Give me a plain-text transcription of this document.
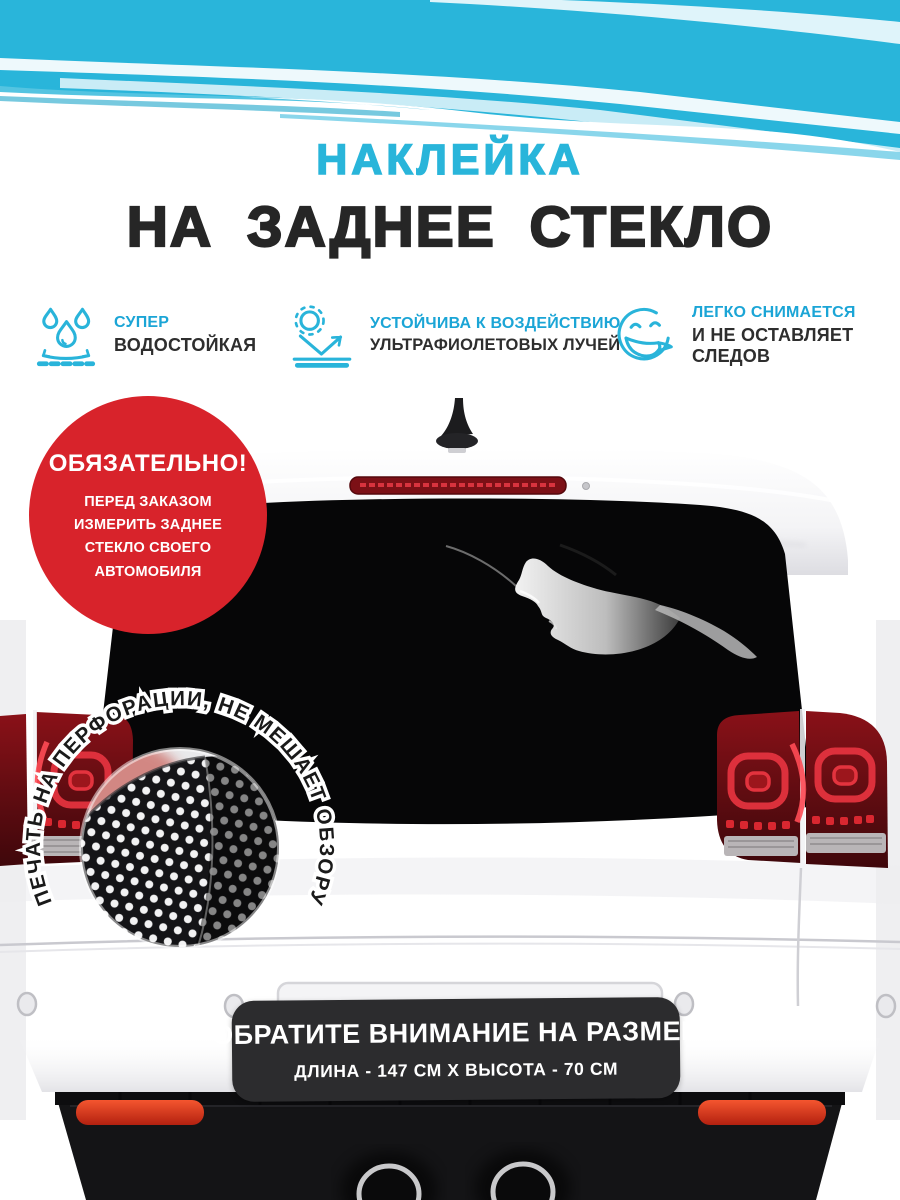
НАКЛЕЙКА
НА ЗАДНЕЕ СТЕКЛО
СУПЕР
ВОДОСТОЙКАЯ
УСТОЙЧИВА К ВОЗДЕЙСТВИЮ
УЛЬТРАФИОЛЕТОВЫХ ЛУЧЕЙ
ЛЕГКО СНИМАЕТСЯ
И НЕ ОСТАВЛЯЕТ СЛЕДОВ
ПЕЧАТЬ НА ПЕРФОРАЦИИ, НЕ МЕШАЕТ ОБЗОРУ
ОБЯЗАТЕЛЬНО!
ПЕРЕД ЗАКАЗОМ
ИЗМЕРИТЬ ЗАДНЕЕ
СТЕКЛО СВОЕГО
АВТОМОБИЛЯ
ОБРАТИТЕ ВНИМАНИЕ НА РАЗМЕР
ДЛИНА - 147 СМ X ВЫСОТА - 70 СМ
